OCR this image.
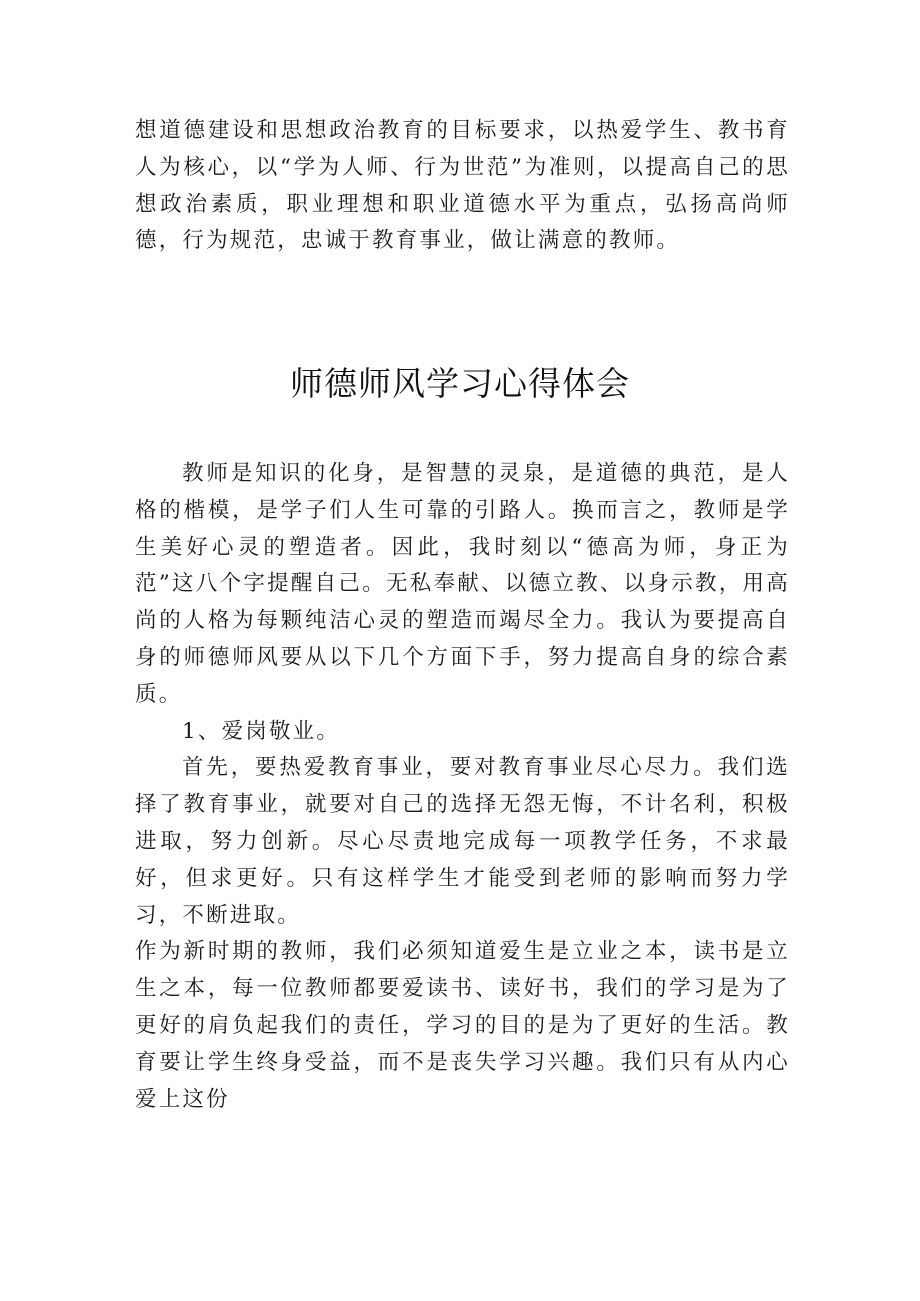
想道德建设和思想政治教育的目标要求，以热爱学生、教书育人为核心，以“学为人师、行为世范”为准则，以提高自己的思想政治素质，职业理想和职业道德水平为重点，弘扬高尚师德，行为规范，忠诚于教育事业，做让满意的教师。

师德师风学习心得体会

教师是知识的化身，是智慧的灵泉，是道德的典范，是人格的楷模，是学子们人生可靠的引路人。换而言之，教师是学生美好心灵的塑造者。因此，我时刻以“德高为师，身正为范”这八个字提醒自己。无私奉献、以德立教、以身示教，用高尚的人格为每颗纯洁心灵的塑造而竭尽全力。我认为要提高自身的师德师风要从以下几个方面下手，努力提高自身的综合素质。

1、爱岗敬业。

首先，要热爱教育事业，要对教育事业尽心尽力。我们选择了教育事业，就要对自己的选择无怨无悔，不计名利，积极进取，努力创新。尽心尽责地完成每一项教学任务，不求最好，但求更好。只有这样学生才能受到老师的影响而努力学习，不断进取。

作为新时期的教师，我们必须知道爱生是立业之本，读书是立生之本，每一位教师都要爱读书、读好书，我们的学习是为了更好的肩负起我们的责任，学习的目的是为了更好的生活。教育要让学生终身受益，而不是丧失学习兴趣。我们只有从内心爱上这份
